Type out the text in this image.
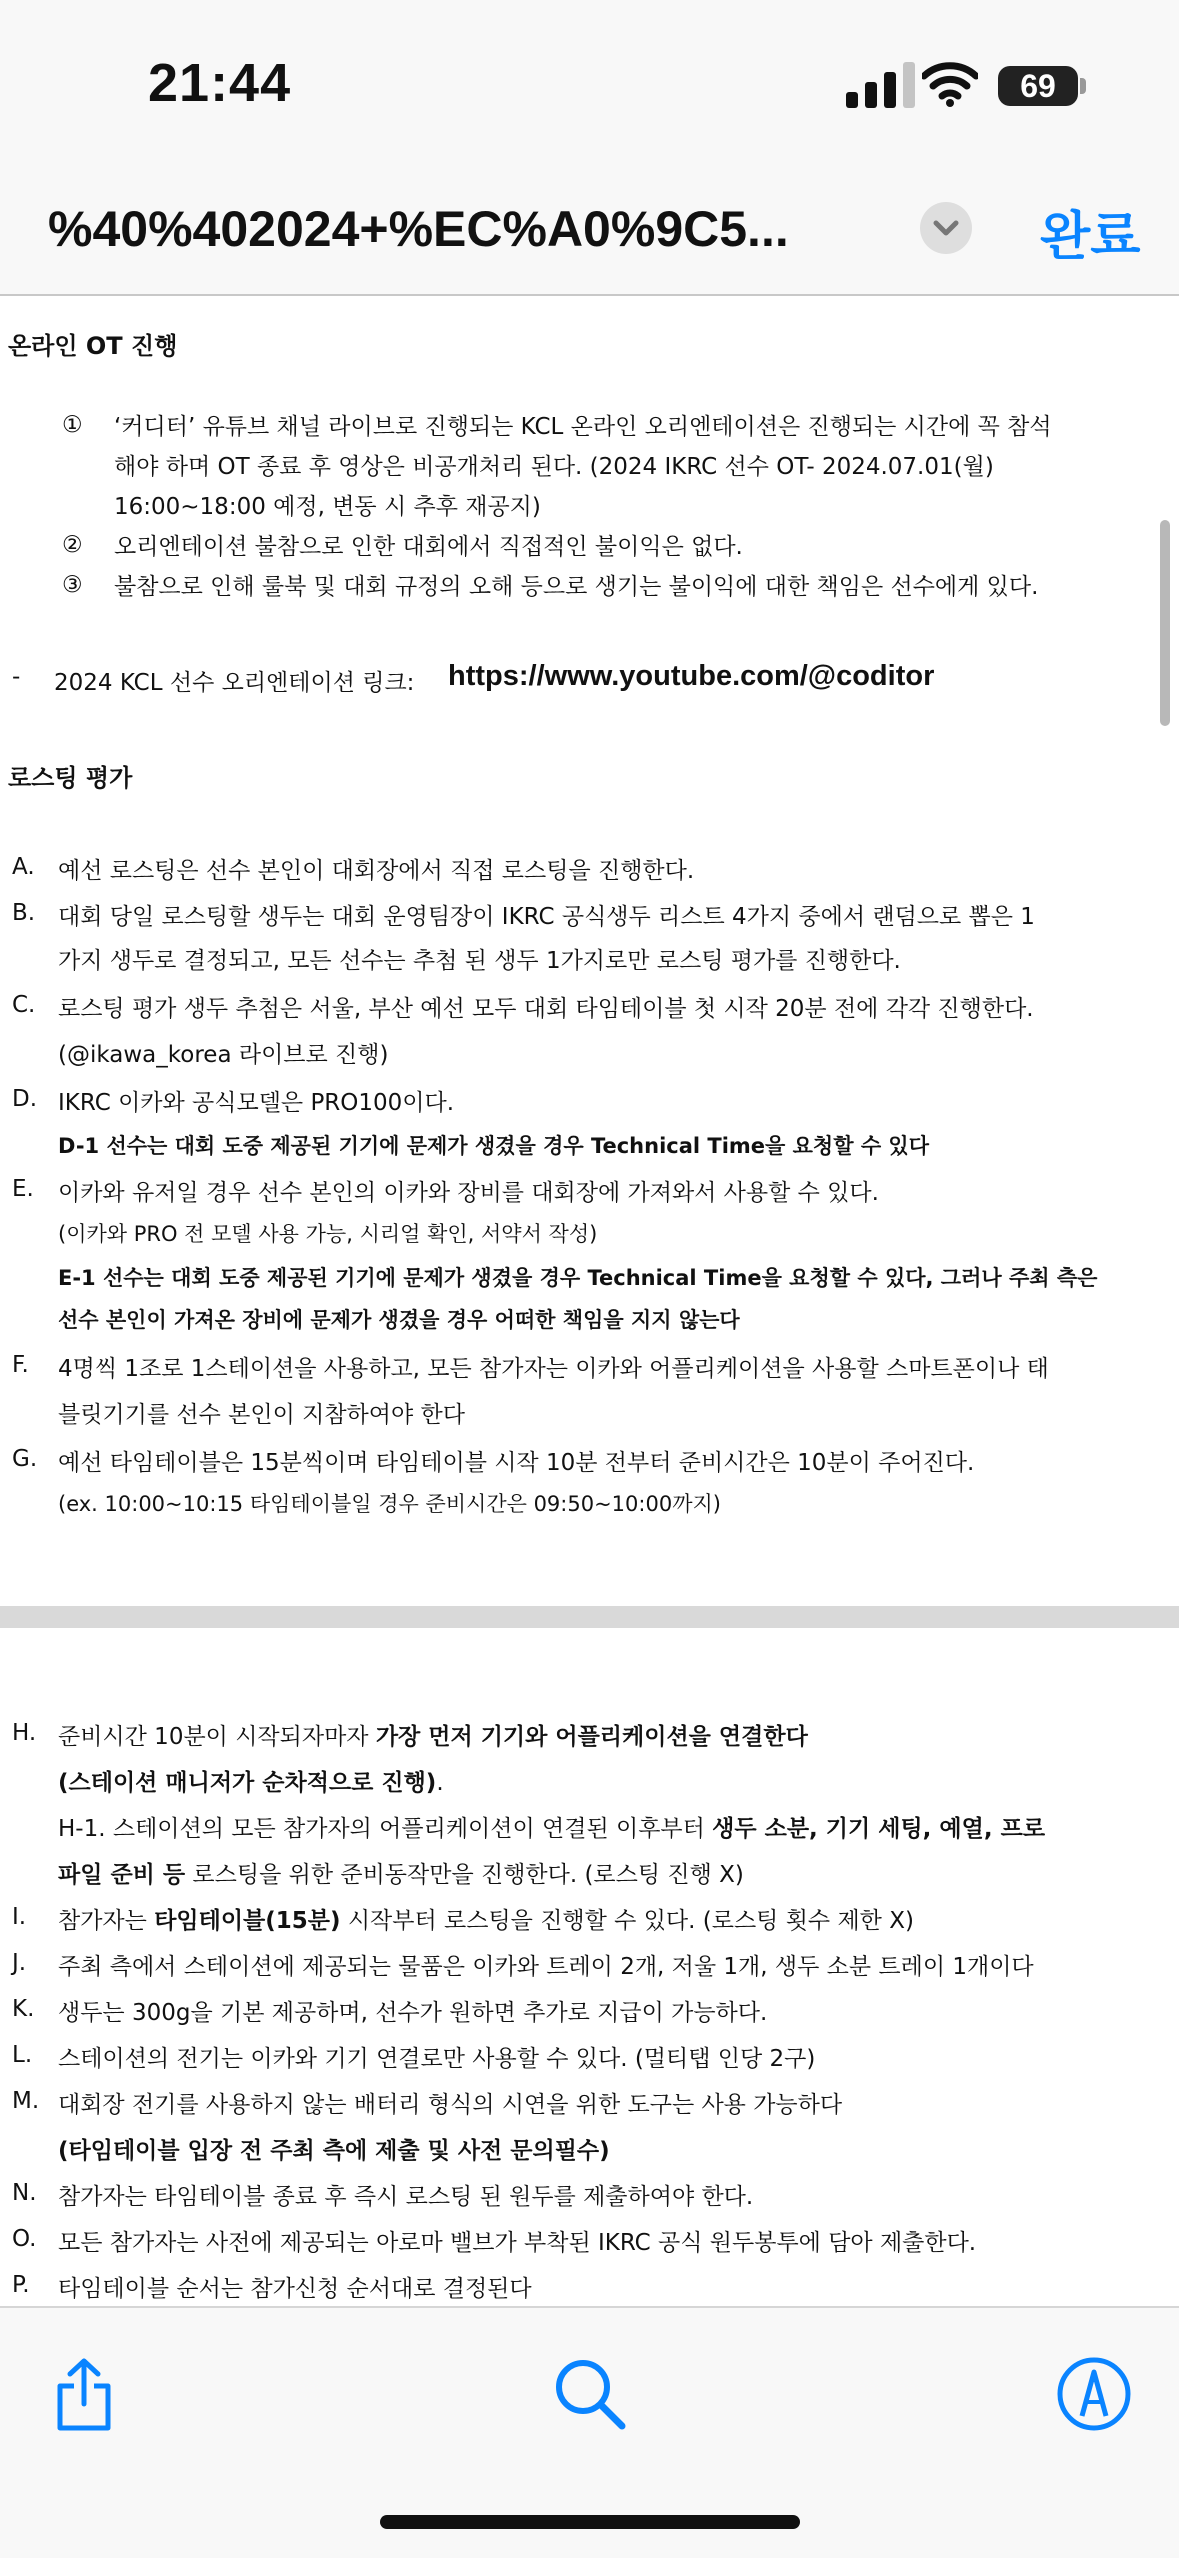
21:44	69
%40%402024+%EC%A0%9C5...	완료
온라인 OT 진행
① ‘커디터’ 유튜브 채널 라이브로 진행되는 KCL 온라인 오리엔테이션은 진행되는 시간에 꼭 참석
해야 하며 OT 종료 후 영상은 비공개처리 된다. (2024 IKRC 선수 OT- 2024.07.01(월)
16:00~18:00 예정, 변동 시 추후 재공지)
② 오리엔테이션 불참으로 인한 대회에서 직접적인 불이익은 없다.
③ 불참으로 인해 룰북 및 대회 규정의 오해 등으로 생기는 불이익에 대한 책임은 선수에게 있다.
- 2024 KCL 선수 오리엔테이션 링크: https://www.youtube.com/@coditor
로스팅 평가
A. 예선 로스팅은 선수 본인이 대회장에서 직접 로스팅을 진행한다.
B. 대회 당일 로스팅할 생두는 대회 운영팀장이 IKRC 공식생두 리스트 4가지 중에서 랜덤으로 뽑은 1
가지 생두로 결정되고, 모든 선수는 추첨 된 생두 1가지로만 로스팅 평가를 진행한다.
C. 로스팅 평가 생두 추첨은 서울, 부산 예선 모두 대회 타임테이블 첫 시작 20분 전에 각각 진행한다.
(@ikawa_korea 라이브로 진행)
D. IKRC 이카와 공식모델은 PRO100이다.
D-1 선수는 대회 도중 제공된 기기에 문제가 생겼을 경우 Technical Time을 요청할 수 있다
E. 이카와 유저일 경우 선수 본인의 이카와 장비를 대회장에 가져와서 사용할 수 있다.
(이카와 PRO 전 모델 사용 가능, 시리얼 확인, 서약서 작성)
E-1 선수는 대회 도중 제공된 기기에 문제가 생겼을 경우 Technical Time을 요청할 수 있다, 그러나 주최 측은
선수 본인이 가져온 장비에 문제가 생겼을 경우 어떠한 책임을 지지 않는다
F. 4명씩 1조로 1스테이션을 사용하고, 모든 참가자는 이카와 어플리케이션을 사용할 스마트폰이나 태
블릿기기를 선수 본인이 지참하여야 한다
G. 예선 타임테이블은 15분씩이며 타임테이블 시작 10분 전부터 준비시간은 10분이 주어진다.
(ex. 10:00~10:15 타임테이블일 경우 준비시간은 09:50~10:00까지)
H. 준비시간 10분이 시작되자마자 가장 먼저 기기와 어플리케이션을 연결한다
(스테이션 매니저가 순차적으로 진행).
H-1. 스테이션의 모든 참가자의 어플리케이션이 연결된 이후부터 생두 소분, 기기 세팅, 예열, 프로
파일 준비 등 로스팅을 위한 준비동작만을 진행한다. (로스팅 진행 X)
I. 참가자는 타임테이블(15분) 시작부터 로스팅을 진행할 수 있다. (로스팅 횟수 제한 X)
J. 주최 측에서 스테이션에 제공되는 물품은 이카와 트레이 2개, 저울 1개, 생두 소분 트레이 1개이다
K. 생두는 300g을 기본 제공하며, 선수가 원하면 추가로 지급이 가능하다.
L. 스테이션의 전기는 이카와 기기 연결로만 사용할 수 있다. (멀티탭 인당 2구)
M. 대회장 전기를 사용하지 않는 배터리 형식의 시연을 위한 도구는 사용 가능하다
(타임테이블 입장 전 주최 측에 제출 및 사전 문의필수)
N. 참가자는 타임테이블 종료 후 즉시 로스팅 된 원두를 제출하여야 한다.
O. 모든 참가자는 사전에 제공되는 아로마 밸브가 부착된 IKRC 공식 원두봉투에 담아 제출한다.
P. 타임테이블 순서는 참가신청 순서대로 결정된다
